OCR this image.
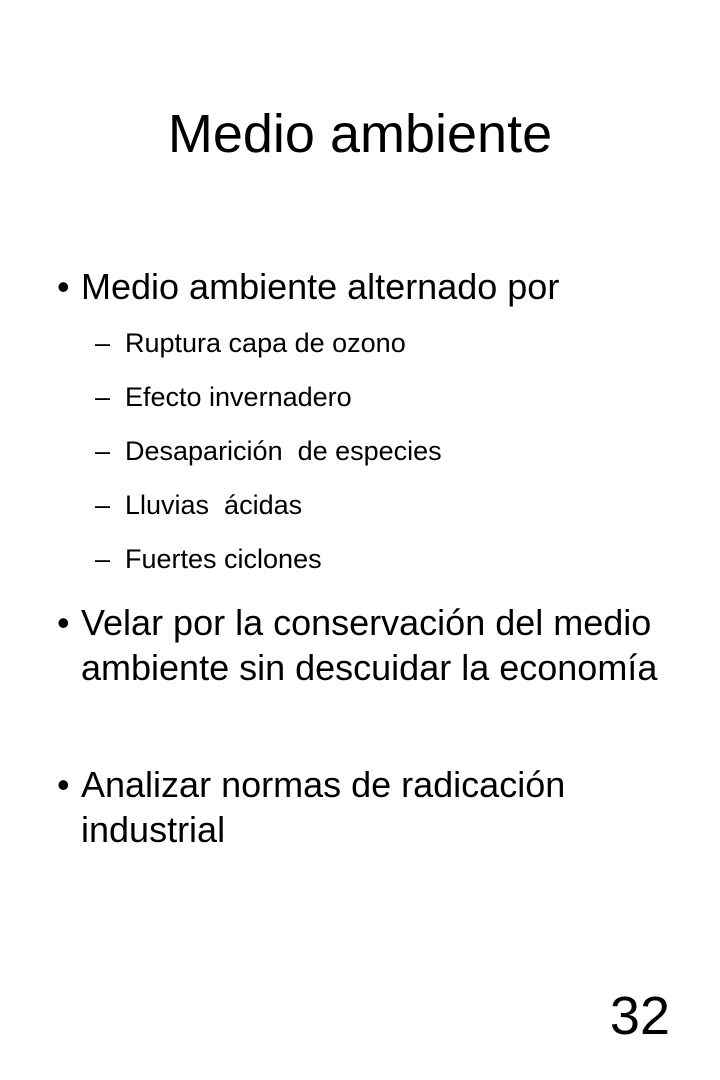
Medio ambiente
• Medio ambiente alternado por
– Ruptura capa de ozono
– Efecto invernadero
– Desaparición  de especies
– Lluvias  ácidas
– Fuertes ciclones
• Velar por la conservación del medio ambiente sin descuidar la economía
• Analizar normas de radicación industrial
32
